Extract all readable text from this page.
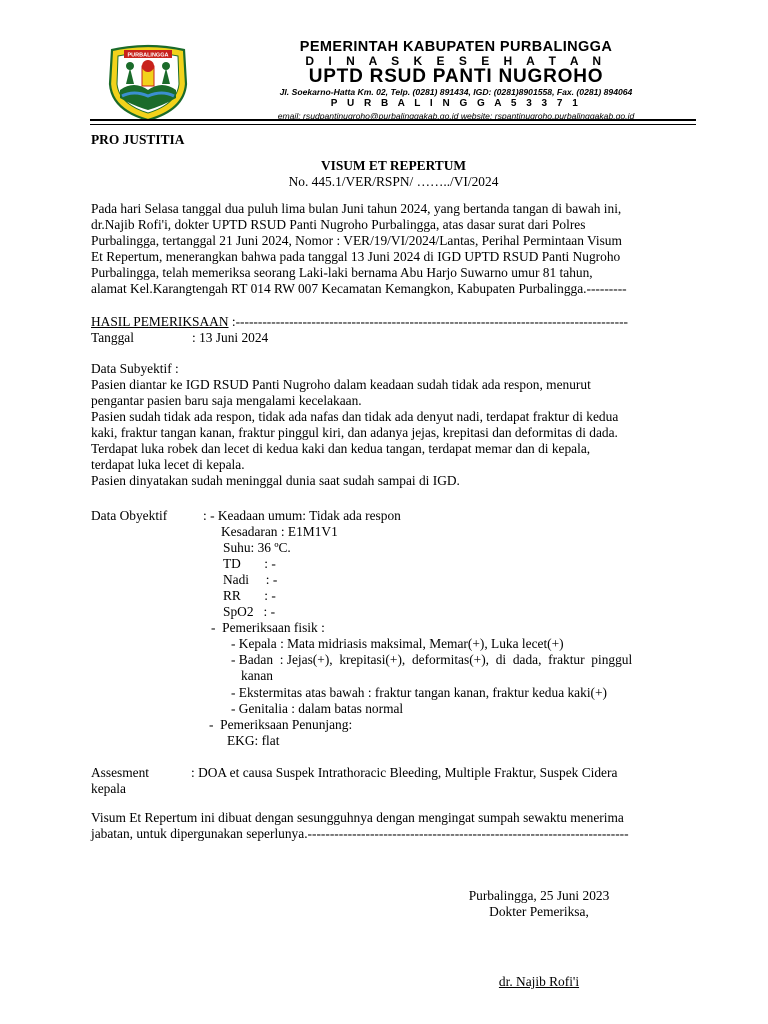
PURBALINGGA
PEMERINTAH KABUPATEN PURBALINGGA
D I N A S K E S E H A T A N
UPTD RSUD PANTI NUGROHO
Jl. Soekarno-Hatta Km. 02, Telp. (0281) 891434, IGD: (0281)8901558, Fax. (0281) 894064
P U R B A L I N G G A 5 3 3 7 1
email: rsudpantinugroho@purbalinggakab.go.id website: rspantinugroho.purbalinggakab.go.id
PRO JUSTITIA
VISUM ET REPERTUM
No. 445.1/VER/RSPN/ ……../VI/2024
Pada hari Selasa tanggal dua puluh lima bulan Juni tahun 2024, yang bertanda tangan di bawah ini,
dr.Najib Rofi'i, dokter UPTD RSUD Panti Nugroho Purbalingga, atas dasar surat dari Polres
Purbalingga, tertanggal 21 Juni 2024, Nomor : VER/19/VI/2024/Lantas, Perihal Permintaan Visum
Et Repertum, menerangkan bahwa pada tanggal 13 Juni 2024 di IGD UPTD RSUD Panti Nugroho
Purbalingga, telah memeriksa seorang Laki-laki bernama Abu Harjo Suwarno umur 81 tahun,
alamat Kel.Karangtengah RT 014 RW 007 Kecamatan Kemangkon, Kabupaten Purbalingga.---------
HASIL PEMERIKSAAN :----------------------------------------------------------------------------------------
Tanggal	: 13 Juni 2024
Data Subyektif :
Pasien diantar ke IGD RSUD Panti Nugroho dalam keadaan sudah tidak ada respon, menurut
pengantar pasien baru saja mengalami kecelakaan.
Pasien sudah tidak ada respon, tidak ada nafas dan tidak ada denyut nadi, terdapat fraktur di kedua
kaki, fraktur tangan kanan, fraktur pinggul kiri, dan adanya jejas, krepitasi dan deformitas di dada.
Terdapat luka robek dan lecet di kedua kaki dan kedua tangan, terdapat memar dan di kepala,
terdapat luka lecet di kepala.
Pasien dinyatakan sudah meninggal dunia saat sudah sampai di IGD.
Data Obyektif	: - Keadaan umum: Tidak ada respon
Kesadaran : E1M1V1
Suhu: 36 ºC.
TD       : -
Nadi     : -
RR       : -
SpO2   : -
-  Pemeriksaan fisik :
- Kepala : Mata midriasis maksimal, Memar(+), Luka lecet(+)
- Badan  : Jejas(+),  krepitasi(+),  deformitas(+),  di  dada,  fraktur  pinggul
kanan
- Ekstermitas atas bawah : fraktur tangan kanan, fraktur kedua kaki(+)
- Genitalia : dalam batas normal
-  Pemeriksaan Penunjang:
EKG: flat
Assesment	: DOA et causa Suspek Intrathoracic Bleeding, Multiple Fraktur, Suspek Cidera
kepala
Visum Et Repertum ini dibuat dengan sesungguhnya dengan mengingat sumpah sewaktu menerima
jabatan, untuk dipergunakan seperlunya.------------------------------------------------------------------------
Purbalingga, 25 Juni 2023
Dokter Pemeriksa,
dr. Najib Rofi'i
